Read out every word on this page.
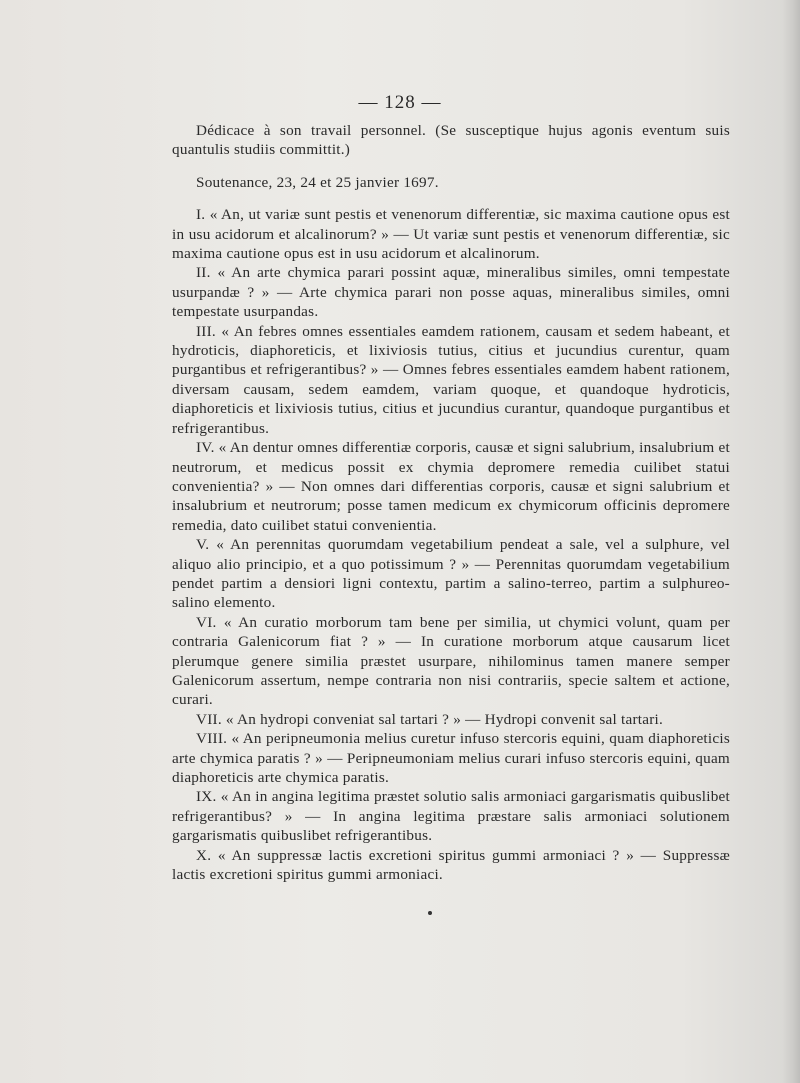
— 128 —

Dédicace à son travail personnel. (Se susceptique hujus agonis eventum suis quantulis studiis committit.)

Soutenance, 23, 24 et 25 janvier 1697.

I. « An, ut variæ sunt pestis et venenorum differentiæ, sic maxima cautione opus est in usu acidorum et alcalinorum? » — Ut variæ sunt pestis et venenorum differentiæ, sic maxima cautione opus est in usu acidorum et alcalinorum.

II. « An arte chymica parari possint aquæ, mineralibus similes, omni tempestate usurpandæ ? » — Arte chymica parari non posse aquas, mineralibus similes, omni tempestate usurpandas.

III. « An febres omnes essentiales eamdem rationem, causam et sedem habeant, et hydroticis, diaphoreticis, et lixiviosis tutius, citius et jucundius curentur, quam purgantibus et refrigerantibus? » — Omnes febres essentiales eamdem habent rationem, diversam causam, sedem eamdem, variam quoque, et quandoque hydroticis, diaphoreticis et lixiviosis tutius, citius et jucundius curantur, quandoque purgantibus et refrigerantibus.

IV. « An dentur omnes differentiæ corporis, causæ et signi salubrium, insalubrium et neutrorum, et medicus possit ex chymia depromere remedia cuilibet statui convenientia? » — Non omnes dari differentias corporis, causæ et signi salubrium et insalubrium et neutrorum; posse tamen medicum ex chymicorum officinis depromere remedia, dato cuilibet statui convenientia.

V. « An perennitas quorumdam vegetabilium pendeat a sale, vel a sulphure, vel aliquo alio principio, et a quo potissimum ? » — Perennitas quorumdam vegetabilium pendet partim a densiori ligni contextu, partim a salino-terreo, partim a sulphureo-salino elemento.

VI. « An curatio morborum tam bene per similia, ut chymici volunt, quam per contraria Galenicorum fiat ? » — In curatione morborum atque causarum licet plerumque genere similia præstet usurpare, nihilominus tamen manere semper Galenicorum assertum, nempe contraria non nisi contrariis, specie saltem et actione, curari.

VII. « An hydropi conveniat sal tartari ? » — Hydropi convenit sal tartari.

VIII. « An peripneumonia melius curetur infuso stercoris equini, quam diaphoreticis arte chymica paratis ? » — Peripneumoniam melius curari infuso stercoris equini, quam diaphoreticis arte chymica paratis.

IX. « An in angina legitima præstet solutio salis armoniaci gargarismatis quibuslibet refrigerantibus? » — In angina legitima præstare salis armoniaci solutionem gargarismatis quibuslibet refrigerantibus.

X. « An suppressæ lactis excretioni spiritus gummi armoniaci ? » — Suppressæ lactis excretioni spiritus gummi armoniaci.
